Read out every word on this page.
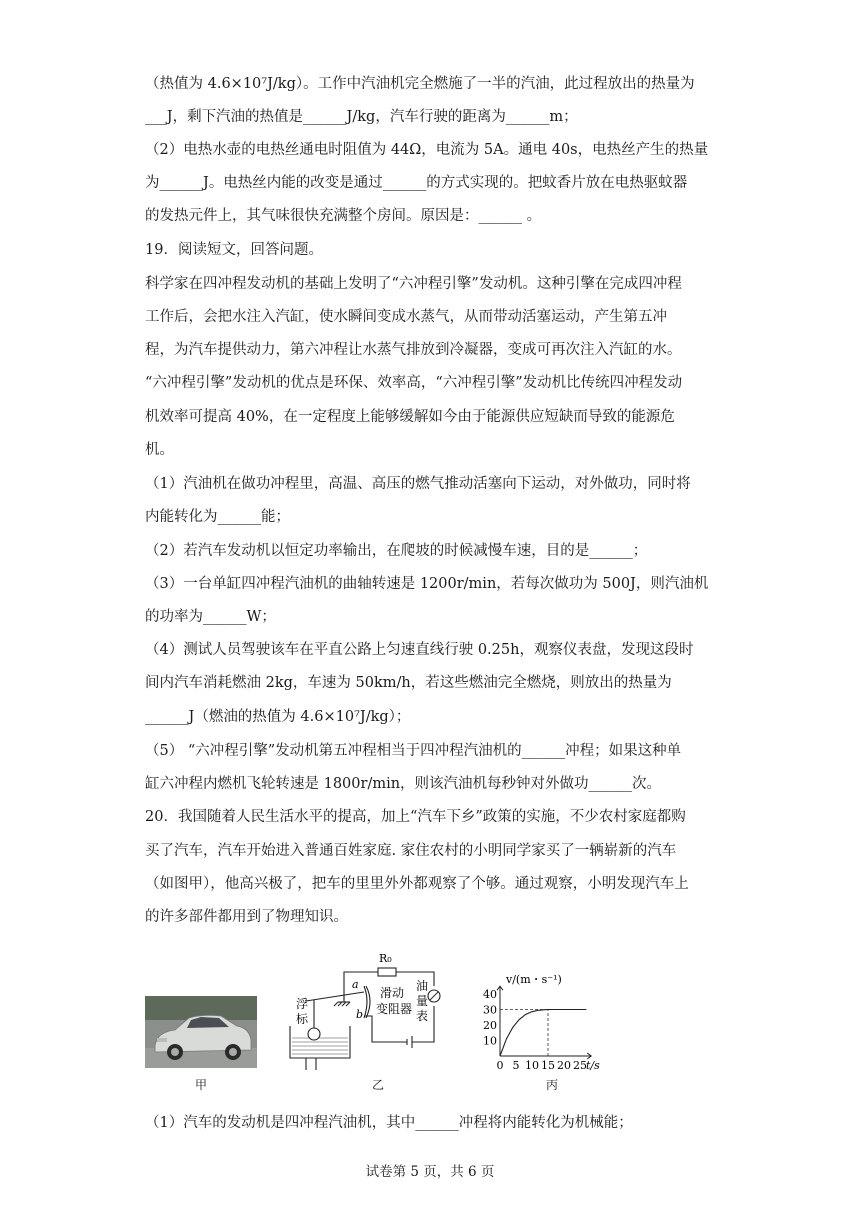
（热值为 4.6×10⁷J/kg）。工作中汽油机完全燃施了一半的汽油，此过程放出的热量为
___J，剩下汽油的热值是______J/kg，汽车行驶的距离为______m；
（2）电热水壶的电热丝通电时阻值为 44Ω，电流为 5A。通电 40s，电热丝产生的热量
为______J。电热丝内能的改变是通过______的方式实现的。把蚊香片放在电热驱蚊器
的发热元件上，其气味很快充满整个房间。原因是：______ 。
19．阅读短文，回答问题。
科学家在四冲程发动机的基础上发明了“六冲程引擎”发动机。这种引擎在完成四冲程
工作后，会把水注入汽缸，使水瞬间变成水蒸气，从而带动活塞运动，产生第五冲
程，为汽车提供动力，第六冲程让水蒸气排放到冷凝器，变成可再次注入汽缸的水。
“六冲程引擎”发动机的优点是环保、效率高，“六冲程引擎”发动机比传统四冲程发动
机效率可提高 40%，在一定程度上能够缓解如今由于能源供应短缺而导致的能源危
机。
（1）汽油机在做功冲程里，高温、高压的燃气推动活塞向下运动，对外做功，同时将
内能转化为______能；
（2）若汽车发动机以恒定功率输出，在爬坡的时候减慢车速，目的是______；
（3）一台单缸四冲程汽油机的曲轴转速是 1200r/min，若每次做功为 500J，则汽油机
的功率为______W；
（4）测试人员驾驶该车在平直公路上匀速直线行驶 0.25h，观察仪表盘，发现这段时
间内汽车消耗燃油 2kg，车速为 50km/h，若这些燃油完全燃烧，则放出的热量为
______J（燃油的热值为 4.6×10⁷J/kg）；
（5） “六冲程引擎”发动机第五冲程相当于四冲程汽油机的______冲程；如果这种单
缸六冲程内燃机飞轮转速是 1800r/min，则该汽油机每秒钟对外做功______次。
20．我国随着人民生活水平的提高，加上“汽车下乡”政策的实施，不少农村家庭都购
买了汽车，汽车开始进入普通百姓家庭. 家住农村的小明同学家买了一辆崭新的汽车
（如图甲），他高兴极了，把车的里里外外都观察了个够。通过观察，小明发现汽车上
的许多部件都用到了物理知识。
甲
R₀
浮
标
a
b
滑动
变阻器
油
量
表
乙
10
20
30
40
0 5 10 15 20 25
v/(m・s⁻¹)
t/s
丙
（1）汽车的发动机是四冲程汽油机，其中______冲程将内能转化为机械能；
试卷第 5 页，共 6 页
